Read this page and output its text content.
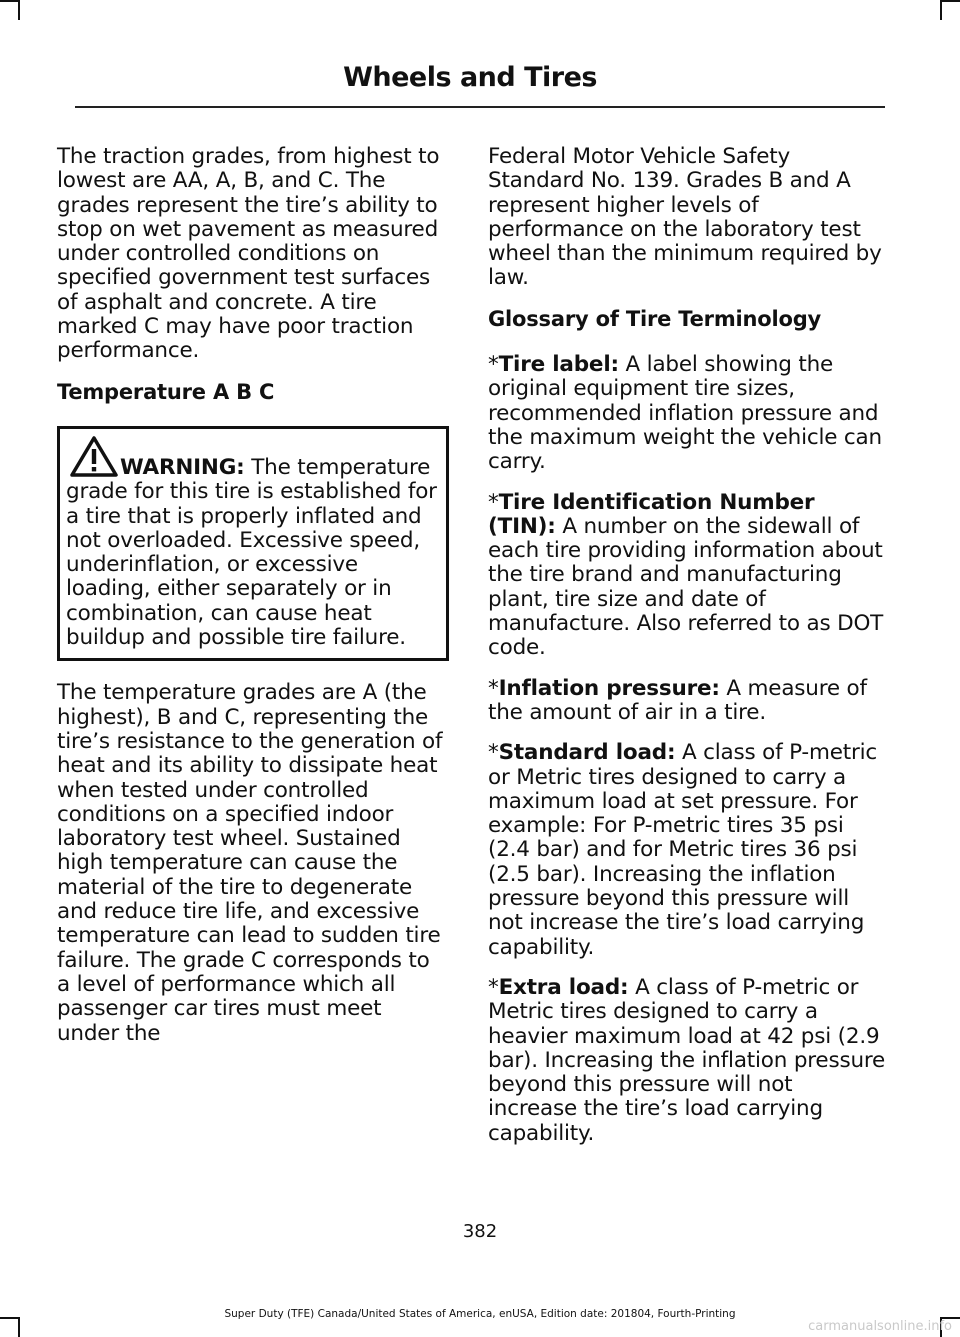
Wheels and Tires

The traction grades, from highest to lowest are AA, A, B, and C. The grades represent the tire’s ability to stop on wet pavement as measured under controlled conditions on specified government test surfaces of asphalt and concrete. A tire marked C may have poor traction performance.

Temperature A B C
WARNING: The temperature grade for this tire is established for a tire that is properly inflated and not overloaded. Excessive speed, underinflation, or excessive loading, either separately or in combination, can cause heat buildup and possible tire failure.

The temperature grades are A (the highest), B and C, representing the tire’s resistance to the generation of heat and its ability to dissipate heat when tested under controlled conditions on a specified indoor laboratory test wheel. Sustained high temperature can cause the material of the tire to degenerate and reduce tire life, and excessive temperature can lead to sudden tire failure. The grade C corresponds to a level of performance which all passenger car tires must meet under the

Federal Motor Vehicle Safety Standard No. 139. Grades B and A represent higher levels of performance on the laboratory test wheel than the minimum required by law.

Glossary of Tire Terminology

*Tire label: A label showing the original equipment tire sizes, recommended inflation pressure and the maximum weight the vehicle can carry.

*Tire Identification Number (TIN): A number on the sidewall of each tire providing information about the tire brand and manufacturing plant, tire size and date of manufacture. Also referred to as DOT code.

*Inflation pressure: A measure of the amount of air in a tire.

*Standard load: A class of P-metric or Metric tires designed to carry a maximum load at set pressure. For example: For P-metric tires 35 psi (2.4 bar) and for Metric tires 36 psi (2.5 bar). Increasing the inflation pressure beyond this pressure will not increase the tire’s load carrying capability.

*Extra load: A class of P-metric or Metric tires designed to carry a heavier maximum load at 42 psi (2.9 bar). Increasing the inflation pressure beyond this pressure will not increase the tire’s load carrying capability.

382
Super Duty (TFE) Canada/United States of America, enUSA, Edition date: 201804, Fourth-Printing
carmanualsonline.info
